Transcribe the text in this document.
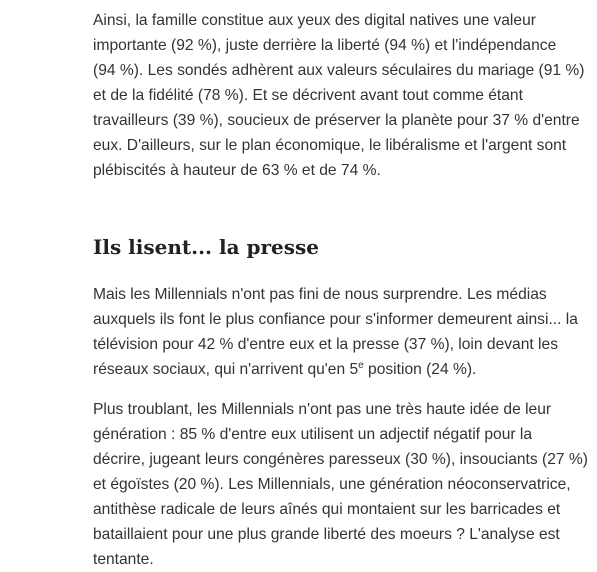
Ainsi, la famille constitue aux yeux des digital natives une valeur
importante (92 %), juste derrière la liberté (94 %) et l'indépendance
(94 %). Les sondés adhèrent aux valeurs séculaires du mariage (91 %)
et de la fidélité (78 %). Et se décrivent avant tout comme étant
travailleurs (39 %), soucieux de préserver la planète pour 37 % d'entre
eux. D'ailleurs, sur le plan économique, le libéralisme et l'argent sont
plébiscités à hauteur de 63 % et de 74 %.

Ils lisent... la presse

Mais les Millennials n'ont pas fini de nous surprendre. Les médias
auxquels ils font le plus confiance pour s'informer demeurent ainsi... la
télévision pour 42 % d'entre eux et la presse (37 %), loin devant les
réseaux sociaux, qui n'arrivent qu'en 5e position (24 %).

Plus troublant, les Millennials n'ont pas une très haute idée de leur
génération : 85 % d'entre eux utilisent un adjectif négatif pour la
décrire, jugeant leurs congénères paresseux (30 %), insouciants (27 %)
et égoïstes (20 %). Les Millennials, une génération néoconservatrice,
antithèse radicale de leurs aînés qui montaient sur les barricades et
bataillaient pour une plus grande liberté des moeurs ? L'analyse est
tentante.
